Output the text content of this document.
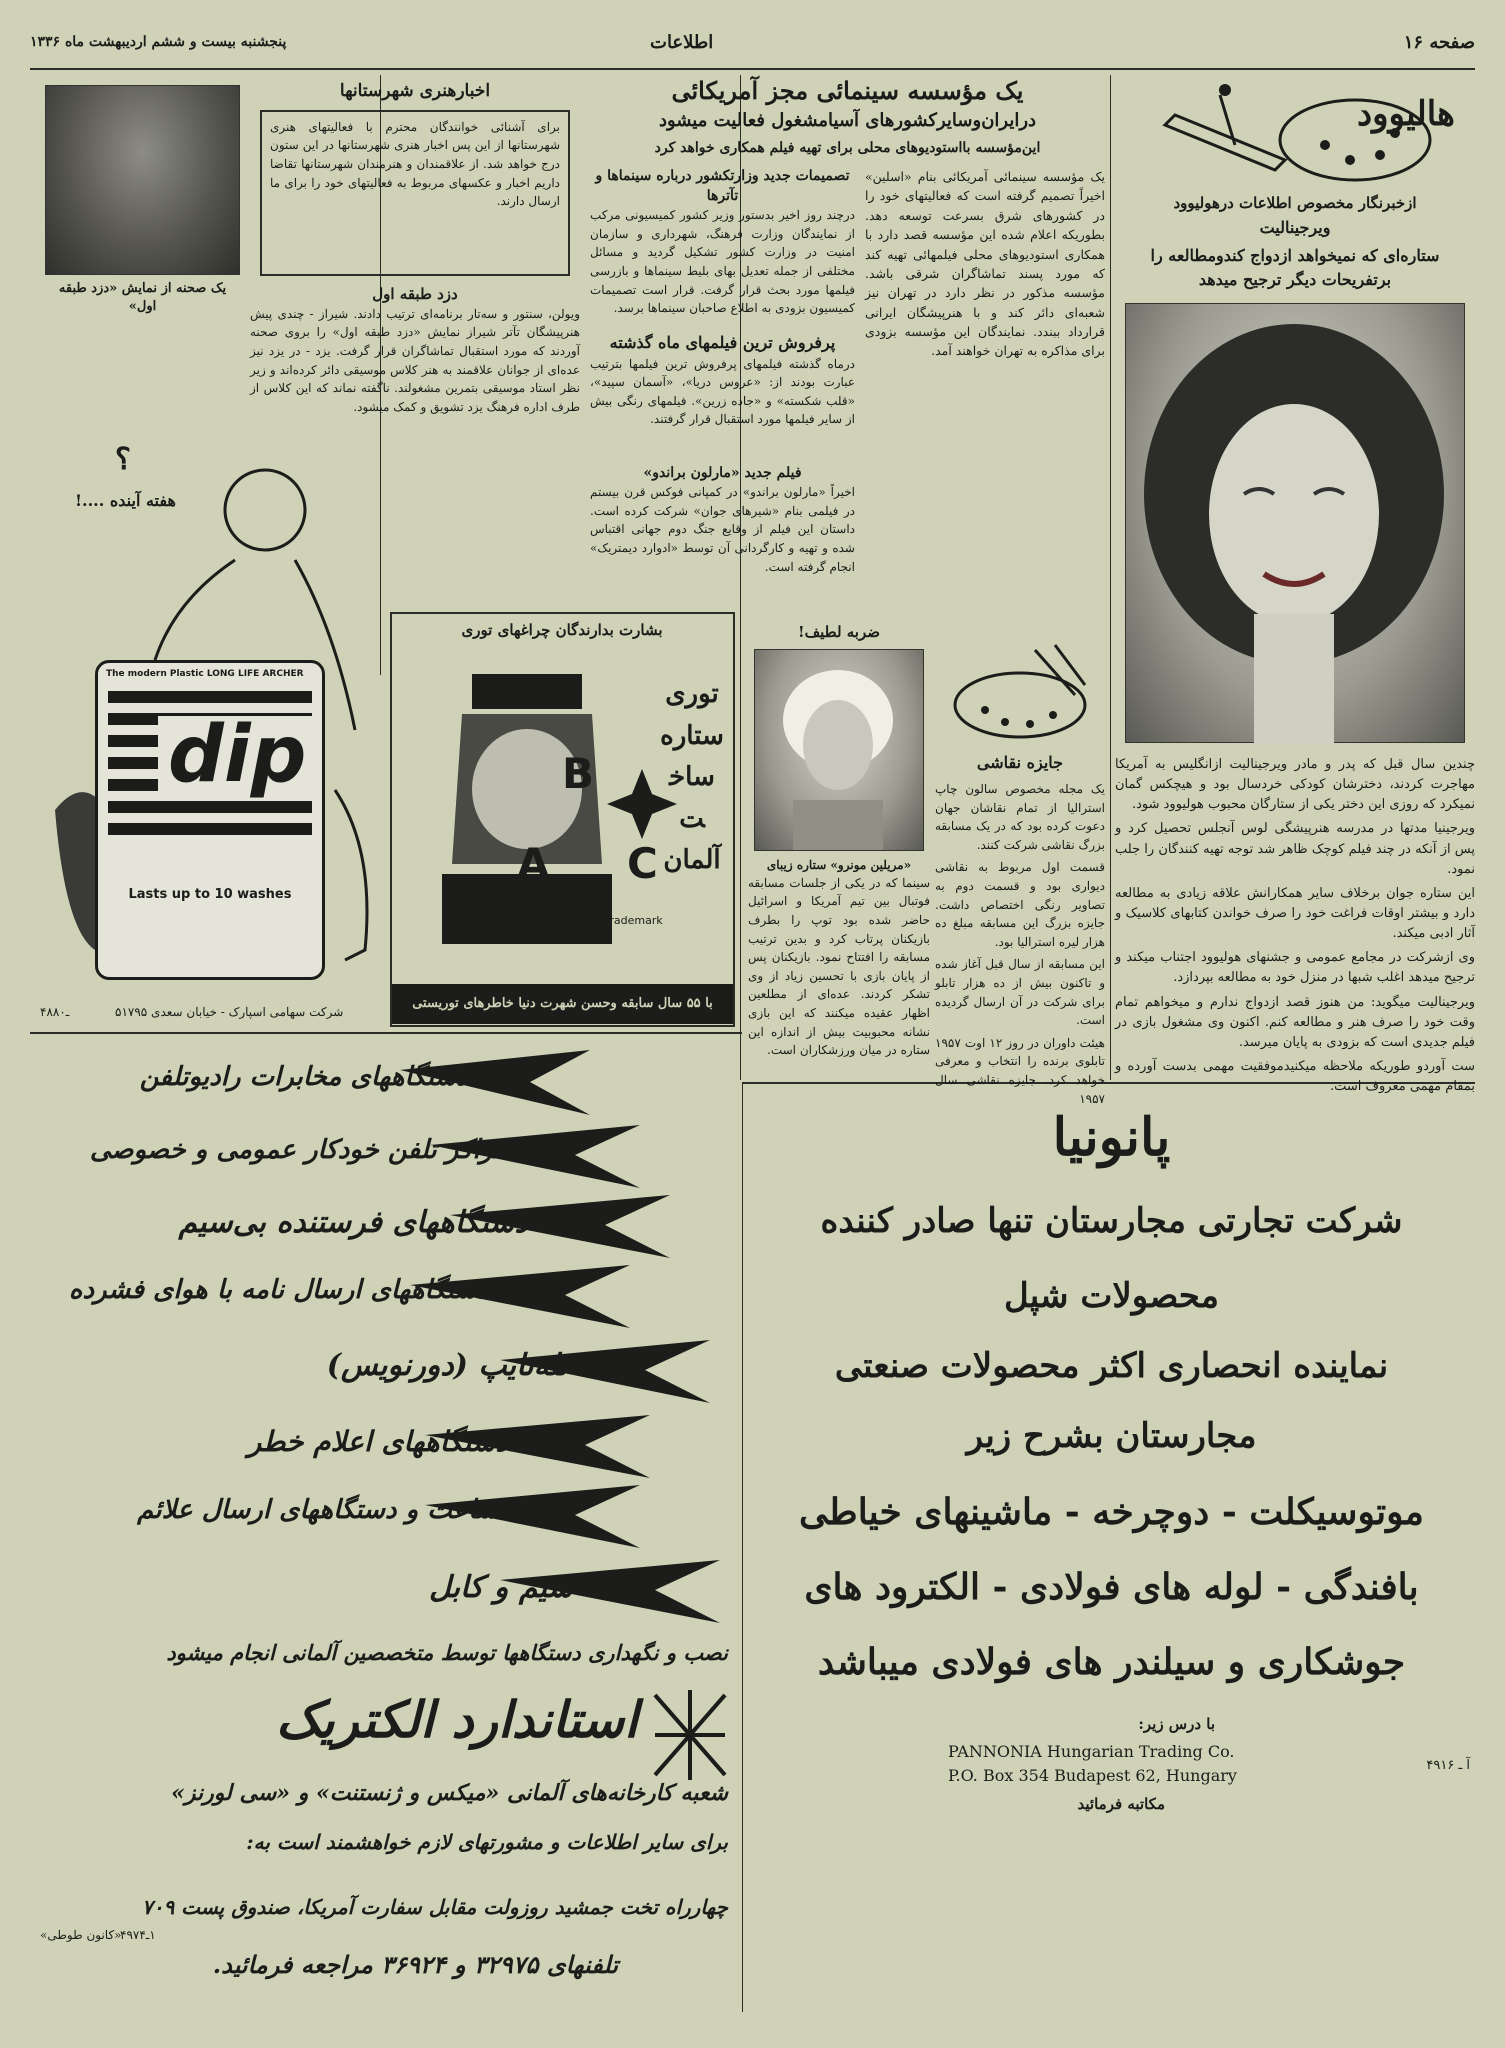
صفحه ۱۶
اطلاعات
پنجشنبه بیست و ششم اردیبهشت ماه ۱۳۳۶
هالیوود
ازخبرنگار مخصوص اطلاعات درهولیوود
ویرجینالیت
ستاره‌ای که نمیخواهد ازدواج کندومطالعه را
برتفریحات دیگر ترجیح میدهد

چندین سال قبل که پدر و مادر ویرجینالیت ازانگلیس به آمریکا مهاجرت کردند، دخترشان کودکی خردسال بود و هیچکس گمان نمیکرد که روزی این دختر یکی از ستارگان محبوب هولیوود شود.

ویرجینیا مدتها در مدرسه هنرپیشگی لوس آنجلس تحصیل کرد و پس از آنکه در چند فیلم کوچک ظاهر شد توجه تهیه کنندگان را جلب نمود.

این ستاره جوان برخلاف سایر همکارانش علاقه زیادی به مطالعه دارد و بیشتر اوقات فراغت خود را صرف خواندن کتابهای کلاسیک و آثار ادبی میکند.

وی ازشرکت در مجامع عمومی و جشنهای هولیوود اجتناب میکند و ترجیح میدهد اغلب شبها در منزل خود به مطالعه بپردازد.

ویرجینالیت میگوید: من هنوز قصد ازدواج ندارم و میخواهم تمام وقت خود را صرف هنر و مطالعه کنم. اکنون وی مشغول بازی در فیلم جدیدی است که بزودی به پایان میرسد.

ست آوردو طوریکه ملاحظه میکنیدموفقیت مهمی بدست آورده و بمقام مهمی معروف است.

یک مؤسسه سینمائی مجز آمریکائی
درایران‌وسایرکشورهای آسیامشغول فعالیت میشود
این‌مؤسسه بااستودیوهای محلی برای تهیه فیلم همکاری خواهد کرد
یک مؤسسه سینمائی آمریکائی بنام «اسلین» اخیراً تصمیم گرفته است که فعالیتهای خود را در کشورهای شرق بسرعت توسعه دهد. بطوریکه اعلام شده این مؤسسه قصد دارد با همکاری استودیوهای محلی فیلمهائی تهیه کند که مورد پسند تماشاگران شرقی باشد. مؤسسه مذکور در نظر دارد در تهران نیز شعبه‌ای دائر کند و با هنرپیشگان ایرانی قرارداد ببندد. نمایندگان این مؤسسه بزودی برای مذاکره به تهران خواهند آمد.
تصمیمات جدید وزارتکشور درباره سینماها و تآترها
درچند روز اخیر بدستور وزیر کشور کمیسیونی مرکب از نمایندگان وزارت فرهنگ، شهرداری و سازمان امنیت در وزارت کشور تشکیل گردید و مسائل مختلفی از جمله تعدیل بهای بلیط سینماها و بازرسی فیلمها مورد بحث قرار گرفت. قرار است تصمیمات کمیسیون بزودی به اطلاع صاحبان سینماها برسد.
پرفروش ترین فیلمهای ماه گذشته
درماه گذشته فیلمهای پرفروش ترین فیلمها بترتیب عبارت بودند از: «عروس دریا»، «آسمان سپید»، «قلب شکسته» و «جاده زرین». فیلمهای رنگی بیش از سایر فیلمها مورد استقبال قرار گرفتند.
فیلم جدید «مارلون براندو»
اخیراً «مارلون براندو» در کمپانی فوکس قرن بیستم در فیلمی بنام «شیرهای جوان» شرکت کرده است. داستان این فیلم از وقایع جنگ دوم جهانی اقتباس شده و تهیه و کارگردانی آن توسط «ادوارد دیمتریک» انجام گرفته است.
اخبارهنری شهرستانها
برای آشنائی خوانندگان محترم با فعالیتهای هنری شهرستانها از این پس اخبار هنری شهرستانها در این ستون درج خواهد شد. از علاقمندان و هنرمندان شهرستانها تقاضا داریم اخبار و عکسهای مربوط به فعالیتهای خود را برای ما ارسال دارند.
دزد طبقه اول
ویولن، سنتور و سه‌تار برنامه‌ای ترتیب دادند. شیراز - چندی پیش هنرپیشگان تآتر شیراز نمایش «دزد طبقه اول» را بروی صحنه آوردند که مورد استقبال تماشاگران قرار گرفت. یزد - در یزد نیز عده‌ای از جوانان علاقمند به هنر کلاس موسیقی دائر کرده‌اند و زیر نظر استاد موسیقی بتمرین مشغولند. ناگفته نماند که این کلاس از طرف اداره فرهنگ یزد تشویق و کمک میشود.
یک صحنه از نمایش «دزد طبقه اول»
؟
هفته آینده ....!
The modern Plastic LONG LIFE ARCHER
dip
Lasts up to 10 washes
شرکت سهامی اسپارک - خیابان سعدی ۵۱۷۹۵
ـ۴۸۸۰
بشارت بدارندگان چراغهای توری
توری ستاره ساخت آلمان
B
A C
Registered Trademark
با ۵۵ سال سابقه وحسن شهرت دنیا خاطرهای توریستی
ضربه لطیف!
«مریلین مونرو» ستاره زیبای
سینما که در یکی از جلسات مسابقه فوتبال بین تیم آمریکا و اسرائیل حاضر شده بود توپ را بطرف بازیکنان پرتاب کرد و بدین ترتیب مسابقه را افتتاح نمود. بازیکنان پس از پایان بازی با تحسین زیاد از وی تشکر کردند. عده‌ای از مطلعین اظهار عقیده میکنند که این بازی نشانه محبوبیت بیش از اندازه این ستاره در میان ورزشکاران است.
جایزه نقاشی

یک مجله مخصوص سالون چاپ استرالیا از تمام نقاشان جهان دعوت کرده بود که در یک مسابقه بزرگ نقاشی شرکت کنند.

قسمت اول مربوط به نقاشی دیواری بود و قسمت دوم به تصاویر رنگی اختصاص داشت. جایزه بزرگ این مسابقه مبلغ ده هزار لیره استرالیا بود.

این مسابقه از سال قبل آغاز شده و تاکنون بیش از ده هزار تابلو برای شرکت در آن ارسال گردیده است.

هیئت داوران در روز ۱۲ اوت ۱۹۵۷ تابلوی برنده را انتخاب و معرفی خواهد کرد. جایزه نقاشی سال ۱۹۵۷

دستگاههای مخابرات رادیوتلفن
مراکز تلفن خودکار عمومی و خصوصی
دستگاههای فرستنده بی‌سیم
دستگاههای ارسال نامه با هوای فشرده
تله‌تایپ (دورنویس)
دستگاههای اعلام خطر
ساعت و دستگاههای ارسال علائم
سیم و کابل
نصب و نگهداری دستگاهها توسط متخصصین آلمانی انجام میشود
استاندارد الکتریک
شعبه کارخانه‌های آلمانی «میکس و ژنستنت» و «سی لورنز»
برای سایر اطلاعات و مشورتهای لازم خواهشمند است به:
چهارراه تخت جمشید روزولت مقابل سفارت آمریکا، صندوق پست ۷۰۹
تلفنهای ۳۲۹۷۵ و ۳۶۹۲۴ مراجعه فرمائید.
۱ـ۴۹۷۴
«کانون طوطی»
پانونیا
شرکت تجارتی مجارستان تنها صادر کننده
محصولات شپل
نماینده انحصاری اکثر محصولات صنعتی
مجارستان بشرح زیر
موتوسیکلت - دوچرخه - ماشینهای خیاطی
بافندگی - لوله های فولادی - الکترود های
جوشکاری و سیلندر های فولادی میباشد
با درس زیر:
PANNONIA Hungarian Trading Co.
P.O. Box 354 Budapest 62, Hungary
مکاتبه فرمائید
آ ـ ۴۹۱۶
